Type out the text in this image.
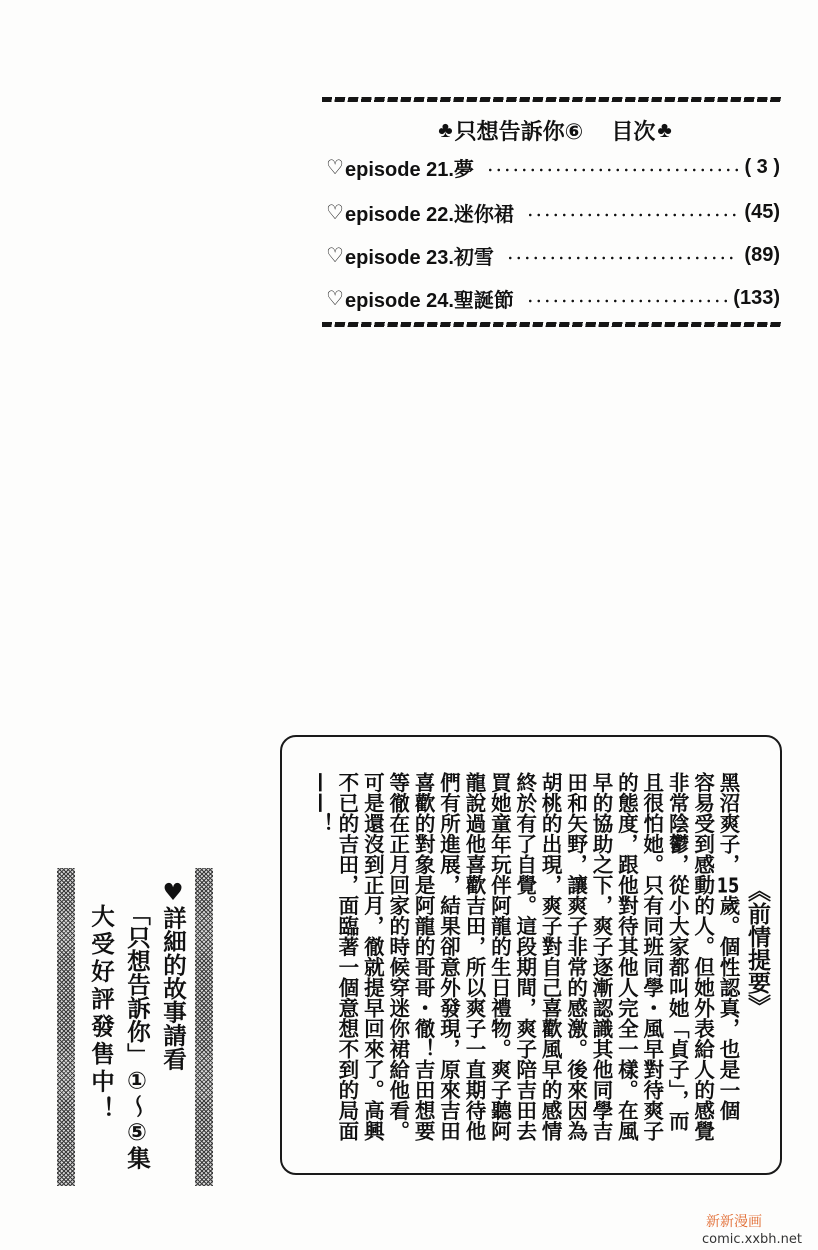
♣ 只想告訴你⑥ 目次 ♣
♡ episode 21.夢	( 3 )
♡ episode 22.迷你裙	(45)
♡ episode 23.初雪	(89)
♡ episode 24.聖誕節	(133)
《前情提要》
黑沼爽子，15歲。個性認真，也是一個
容易受到感動的人。但她外表給人的感覺
非常陰鬱，從小大家都叫她「貞子」，而
且很怕她。只有同班同學・風早對待爽子
的態度，跟他對待其他人完全一樣。在風
早的協助之下，爽子逐漸認識其他同學吉
田和矢野，讓爽子非常的感激。後來因為
胡桃的出現，爽子對自己喜歡風早的感情
終於有了自覺。這段期間，爽子陪吉田去
買她童年玩伴阿龍的生日禮物。爽子聽阿
龍說過他喜歡吉田，所以爽子一直期待他
們有所進展，結果卻意外發現，原來吉田
喜歡的對象是阿龍的哥哥・徹！吉田想要
等徹在正月回家的時候穿迷你裙給他看。
可是還沒到正月，徹就提早回來了。高興
不已的吉田，面臨著一個意想不到的局面
——！
♥詳細的故事請看
「只想告訴你」①～⑤集
大受好評發售中！
新新漫画
comic.xxbh.net
